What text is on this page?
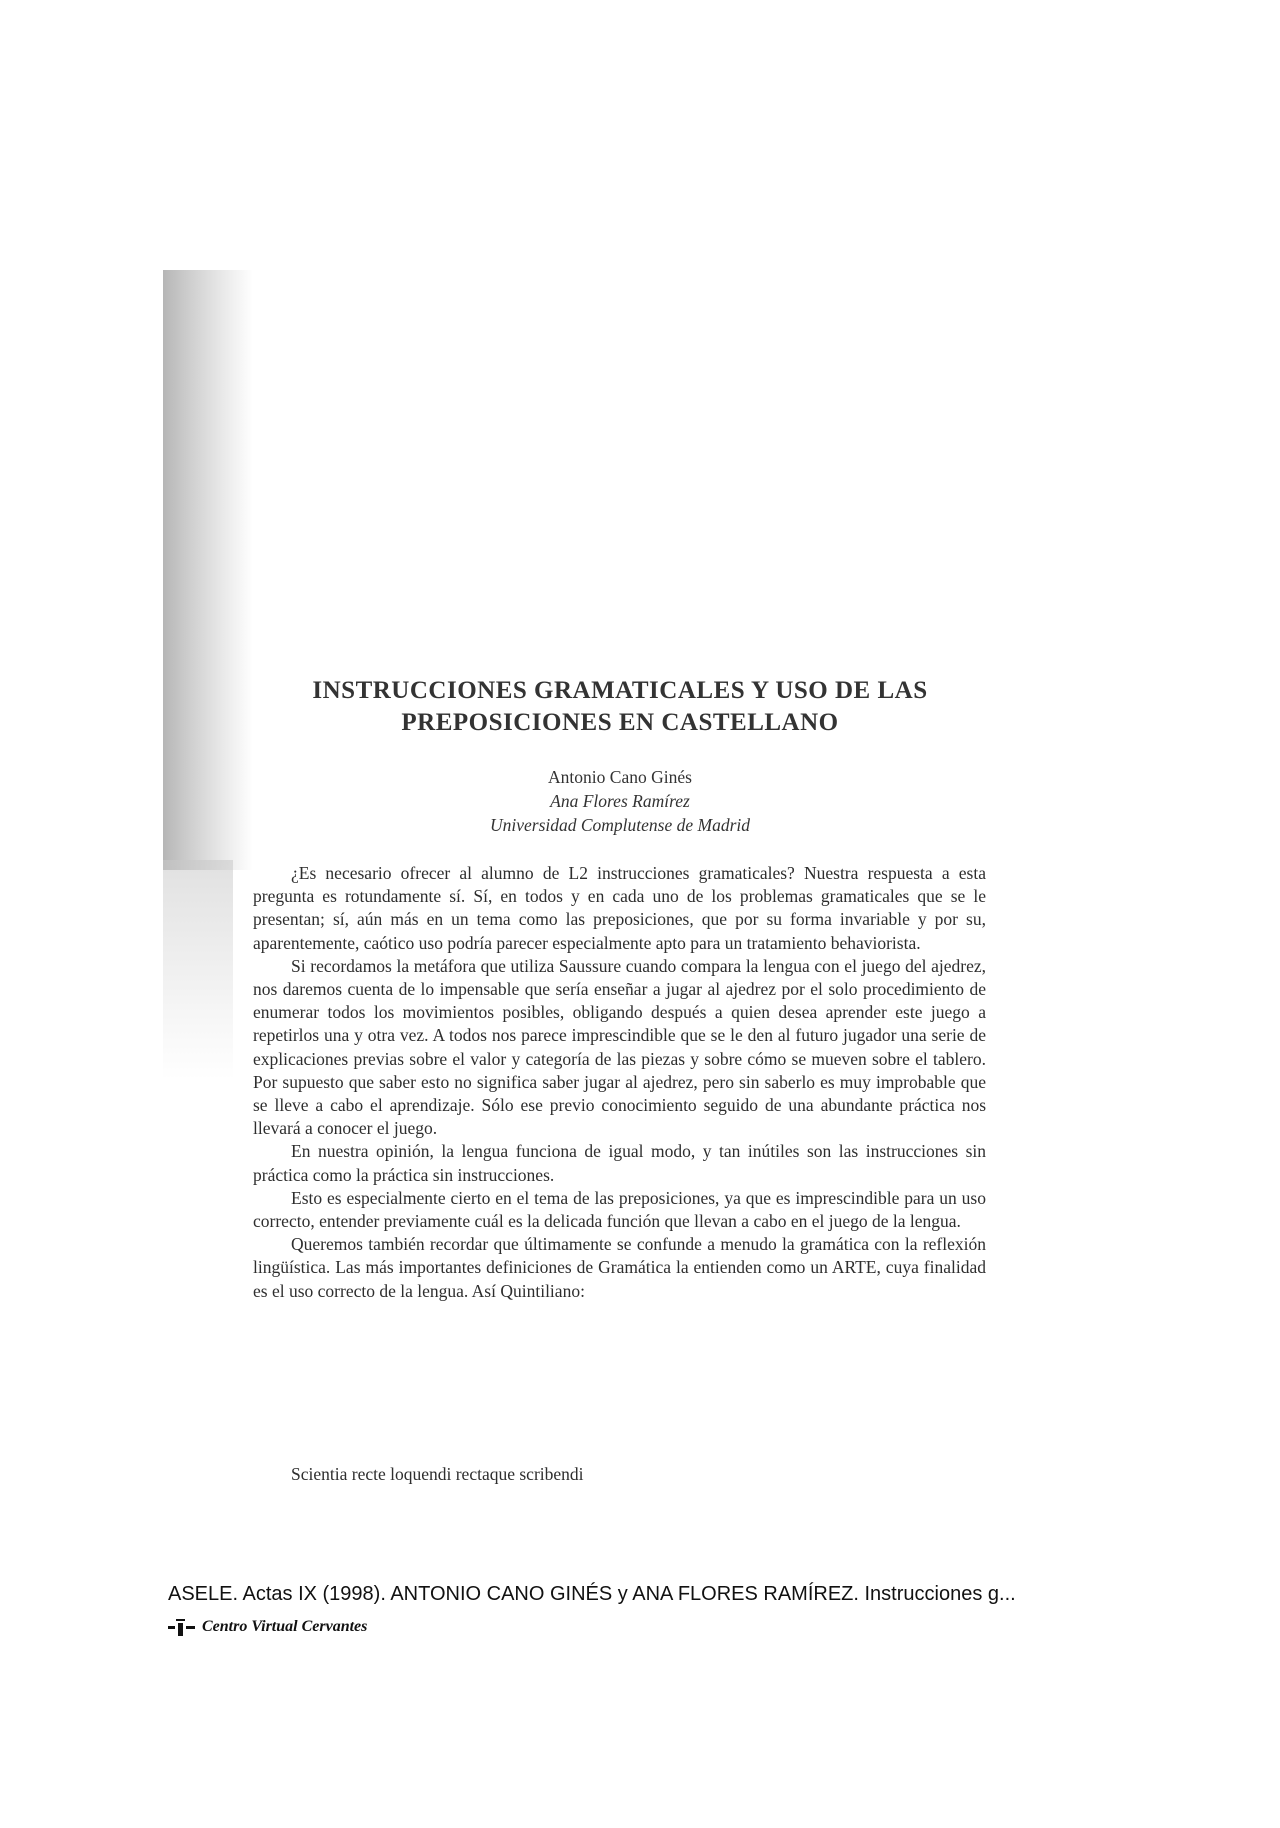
INSTRUCCIONES GRAMATICALES Y USO DE LAS
PREPOSICIONES EN CASTELLANO
Antonio Cano Ginés
Ana Flores Ramírez
Universidad Complutense de Madrid

¿Es necesario ofrecer al alumno de L2 instrucciones gramaticales? Nuestra respuesta a esta pregunta es rotundamente sí. Sí, en todos y en cada uno de los problemas gramaticales que se le presentan; sí, aún más en un tema como las preposiciones, que por su forma invariable y por su, aparentemente, caótico uso podría parecer especialmente apto para un tratamiento behaviorista.

Si recordamos la metáfora que utiliza Saussure cuando compara la lengua con el juego del ajedrez, nos daremos cuenta de lo impensable que sería enseñar a jugar al ajedrez por el solo procedimiento de enumerar todos los movimientos posibles, obligando después a quien desea aprender este juego a repetirlos una y otra vez. A todos nos parece imprescindible que se le den al futuro jugador una serie de explicaciones previas sobre el valor y categoría de las piezas y sobre cómo se mueven sobre el tablero. Por supuesto que saber esto no significa saber jugar al ajedrez, pero sin saberlo es muy improbable que se lleve a cabo el aprendizaje. Sólo ese previo conocimiento seguido de una abundante práctica nos llevará a conocer el juego.

En nuestra opinión, la lengua funciona de igual modo, y tan inútiles son las instrucciones sin práctica como la práctica sin instrucciones.

Esto es especialmente cierto en el tema de las preposiciones, ya que es imprescindible para un uso correcto, entender previamente cuál es la delicada función que llevan a cabo en el juego de la lengua.

Queremos también recordar que últimamente se confunde a menudo la gramática con la reflexión lingüística. Las más importantes definiciones de Gramática la entienden como un ARTE, cuya finalidad es el uso correcto de la lengua. Así Quintiliano:

Scientia recte loquendi rectaque scribendi
ASELE. Actas IX (1998). ANTONIO CANO GINÉS y ANA FLORES RAMÍREZ. Instrucciones g...
Centro Virtual Cervantes
